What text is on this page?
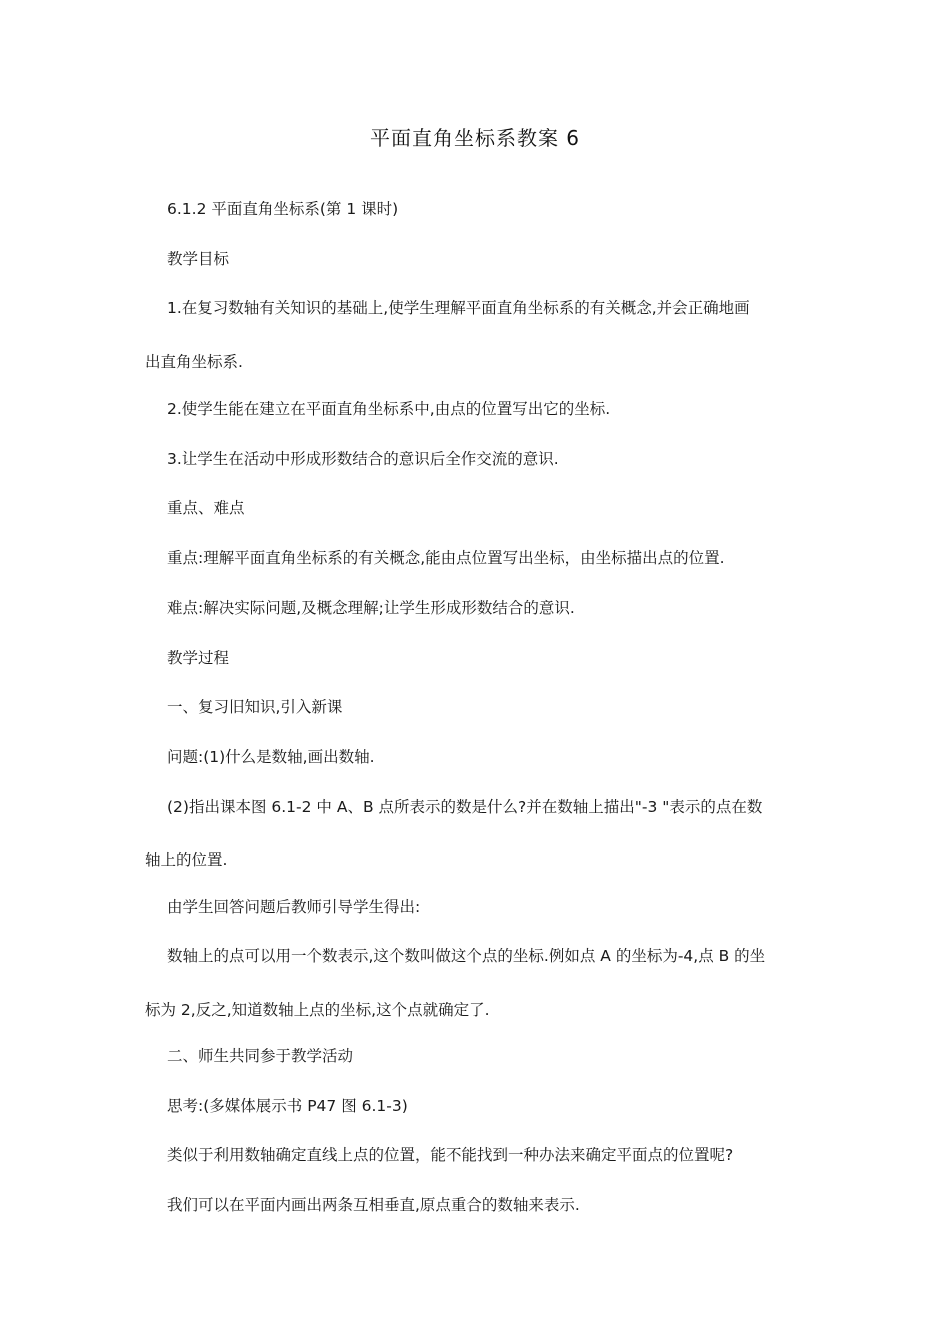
平面直角坐标系教案 6
6.1.2 平面直角坐标系(第 1 课时)
教学目标
1.在复习数轴有关知识的基础上,使学生理解平面直角坐标系的有关概念,并会正确地画
出直角坐标系.
2.使学生能在建立在平面直角坐标系中,由点的位置写出它的坐标.
3.让学生在活动中形成形数结合的意识后全作交流的意识.
重点、难点
重点:理解平面直角坐标系的有关概念,能由点位置写出坐标，由坐标描出点的位置.
难点:解决实际问题,及概念理解;让学生形成形数结合的意识.
教学过程
一、复习旧知识,引入新课
问题:(1)什么是数轴,画出数轴.
(2)指出课本图 6.1-2 中 A、B 点所表示的数是什么?并在数轴上描出"-3 "表示的点在数
轴上的位置.
由学生回答问题后教师引导学生得出:
数轴上的点可以用一个数表示,这个数叫做这个点的坐标.例如点 A 的坐标为-4,点 B 的坐
标为 2,反之,知道数轴上点的坐标,这个点就确定了.
二、师生共同参于教学活动
思考:(多媒体展示书 P47 图 6.1-3)
类似于利用数轴确定直线上点的位置，能不能找到一种办法来确定平面点的位置呢?
我们可以在平面内画出两条互相垂直,原点重合的数轴来表示.
